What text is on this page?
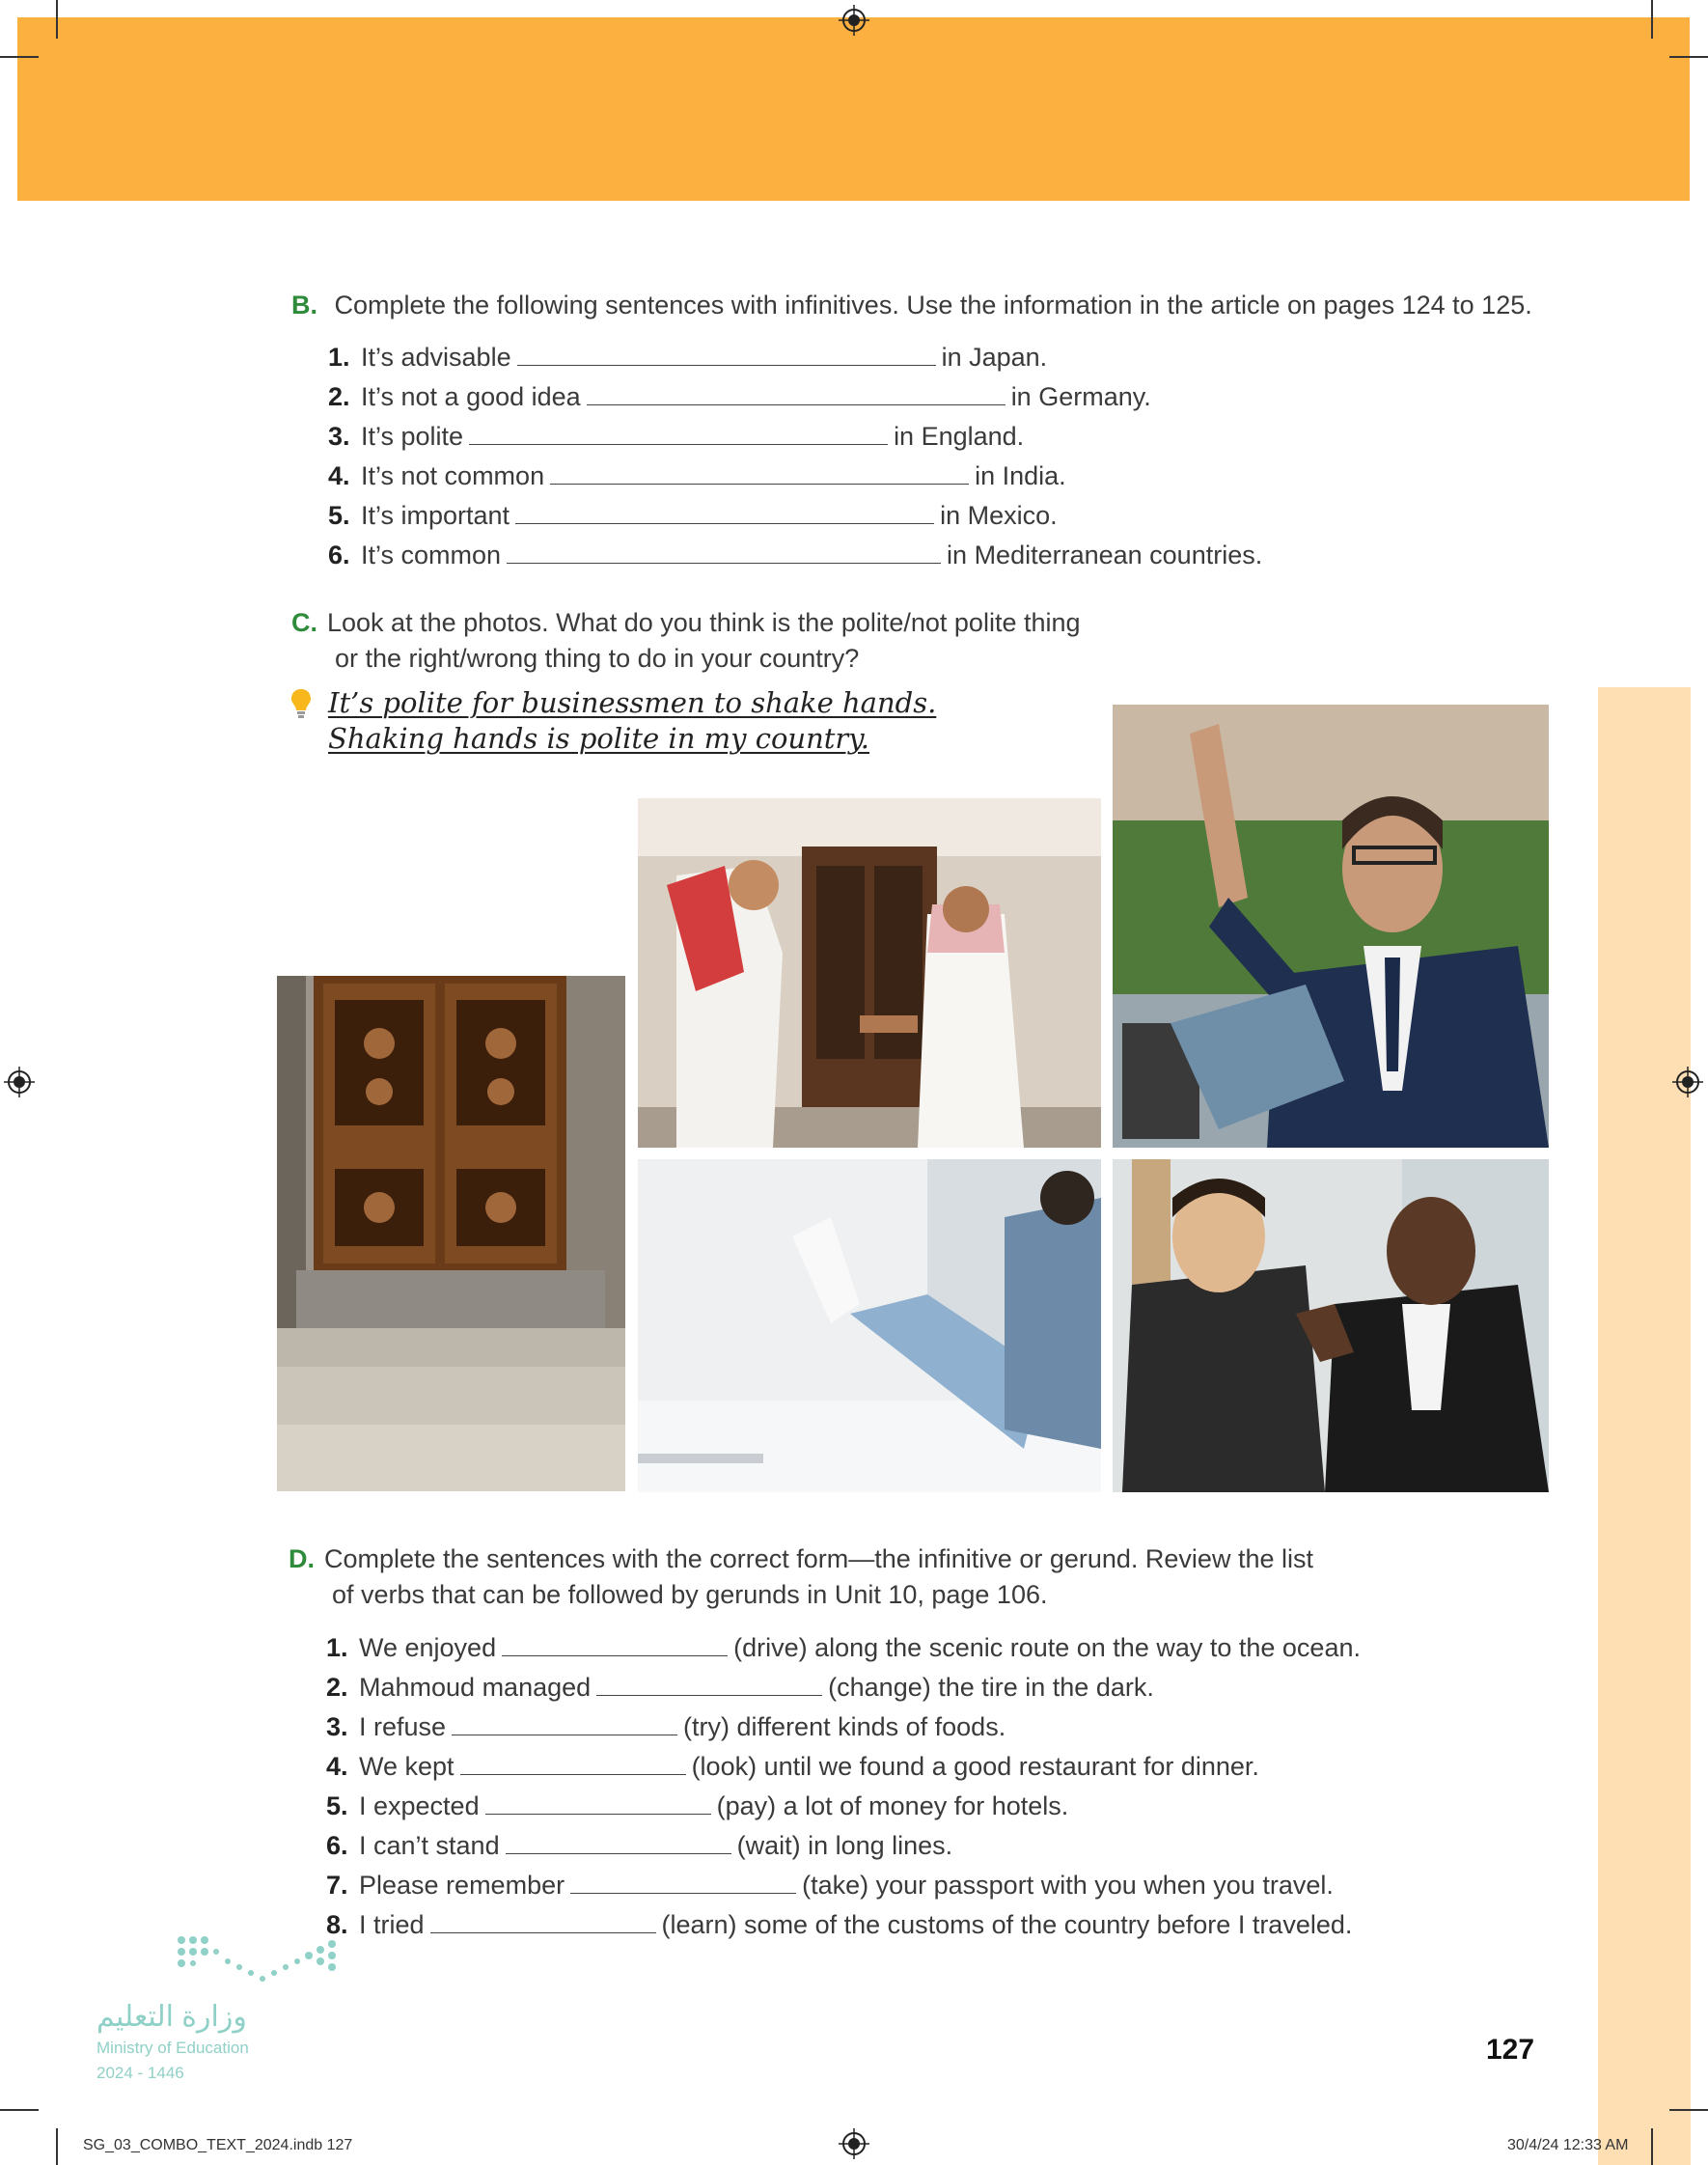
B. Complete the following sentences with infinitives. Use the information in the article on pages 124 to 125.
1. It’s advisable	in Japan.
2. It’s not a good idea	in Germany.
3. It’s polite	in England.
4. It’s not common	in India.
5. It’s important	in Mexico.
6. It’s common	in Mediterranean countries.
C. Look at the photos. What do you think is the polite/not polite thing
or the right/wrong thing to do in your country?
It’s polite for businessmen to shake hands.
Shaking hands is polite in my country.
D. Complete the sentences with the correct form—the infinitive or gerund. Review the list
of verbs that can be followed by gerunds in Unit 10, page 106.
1. We enjoyed	(drive) along the scenic route on the way to the ocean.
2. Mahmoud managed	(change) the tire in the dark.
3. I refuse	(try) different kinds of foods.
4. We kept	(look) until we found a good restaurant for dinner.
5. I expected	(pay) a lot of money for hotels.
6. I can’t stand	(wait) in long lines.
7. Please remember	(take) your passport with you when you travel.
8. I tried	(learn) some of the customs of the country before I traveled.
وزارة التعليم
Ministry of Education
2024 - 1446
127
SG_03_COMBO_TEXT_2024.indb 127	30/4/24 12:33 AM
